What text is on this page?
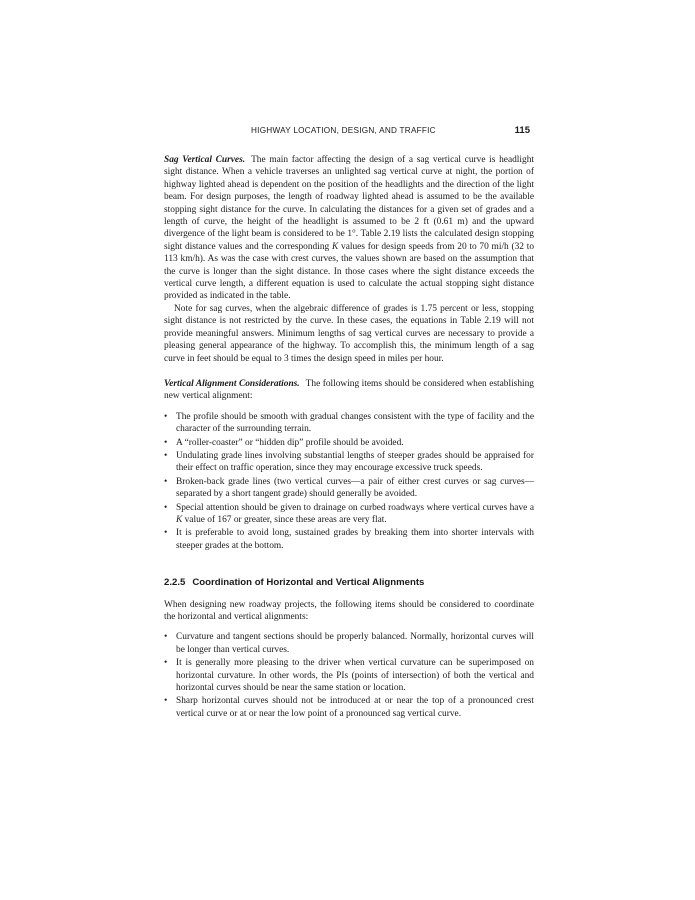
HIGHWAY LOCATION, DESIGN, AND TRAFFIC	115

Sag Vertical Curves. The main factor affecting the design of a sag vertical curve is headlight sight distance. When a vehicle traverses an unlighted sag vertical curve at night, the portion of highway lighted ahead is dependent on the position of the headlights and the direction of the light beam. For design purposes, the length of roadway lighted ahead is assumed to be the available stopping sight distance for the curve. In calculating the distances for a given set of grades and a length of curve, the height of the headlight is assumed to be 2 ft (0.61 m) and the upward divergence of the light beam is considered to be 1°. Table 2.19 lists the calculated design stopping sight distance values and the corresponding K values for design speeds from 20 to 70 mi/h (32 to 113 km/h). As was the case with crest curves, the values shown are based on the assumption that the curve is longer than the sight distance. In those cases where the sight distance exceeds the vertical curve length, a different equation is used to calculate the actual stopping sight distance provided as indicated in the table.

Note for sag curves, when the algebraic difference of grades is 1.75 percent or less, stopping sight distance is not restricted by the curve. In these cases, the equations in Table 2.19 will not provide meaningful answers. Minimum lengths of sag vertical curves are necessary to provide a pleasing general appearance of the highway. To accomplish this, the minimum length of a sag curve in feet should be equal to 3 times the design speed in miles per hour.

Vertical Alignment Considerations. The following items should be considered when establishing new vertical alignment:

• The profile should be smooth with gradual changes consistent with the type of facility and the character of the surrounding terrain.
• A “roller-coaster” or “hidden dip” profile should be avoided.
• Undulating grade lines involving substantial lengths of steeper grades should be appraised for their effect on traffic operation, since they may encourage excessive truck speeds.
• Broken-back grade lines (two vertical curves—a pair of either crest curves or sag curves—separated by a short tangent grade) should generally be avoided.
• Special attention should be given to drainage on curbed roadways where vertical curves have a K value of 167 or greater, since these areas are very flat.
• It is preferable to avoid long, sustained grades by breaking them into shorter intervals with steeper grades at the bottom.
2.2.5 Coordination of Horizontal and Vertical Alignments

When designing new roadway projects, the following items should be considered to coordinate the horizontal and vertical alignments:

• Curvature and tangent sections should be properly balanced. Normally, horizontal curves will be longer than vertical curves.
• It is generally more pleasing to the driver when vertical curvature can be superimposed on horizontal curvature. In other words, the PIs (points of intersection) of both the vertical and horizontal curves should be near the same station or location.
• Sharp horizontal curves should not be introduced at or near the top of a pronounced crest vertical curve or at or near the low point of a pronounced sag vertical curve.
